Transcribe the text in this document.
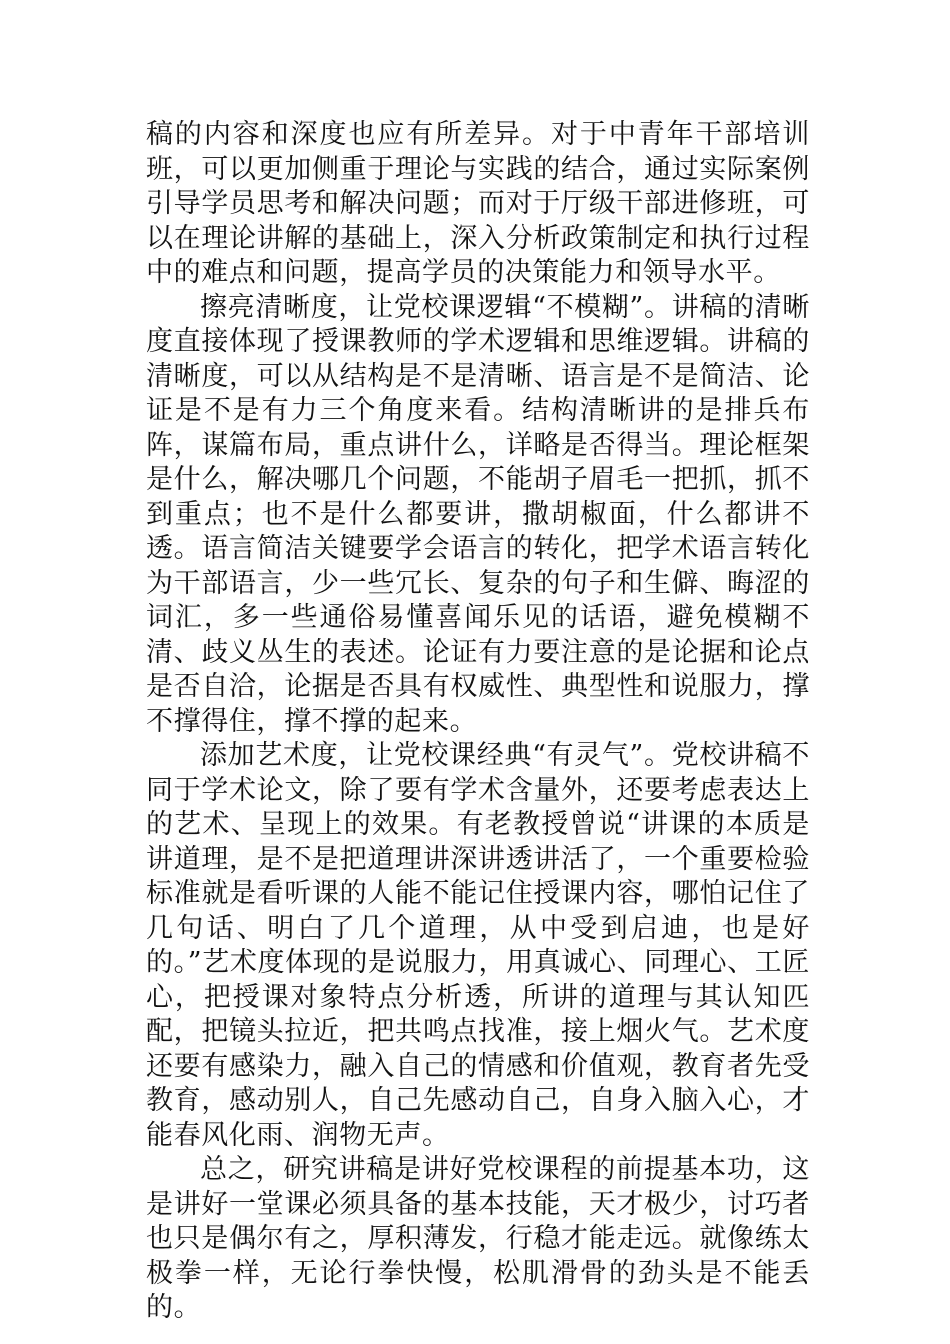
稿的内容和深度也应有所差异。对于中青年干部培训班，可以更加侧重于理论与实践的结合，通过实际案例引导学员思考和解决问题；而对于厅级干部进修班，可以在理论讲解的基础上，深入分析政策制定和执行过程中的难点和问题，提高学员的决策能力和领导水平。

擦亮清晰度，让党校课逻辑“不模糊”。讲稿的清晰度直接体现了授课教师的学术逻辑和思维逻辑。讲稿的清晰度，可以从结构是不是清晰、语言是不是简洁、论证是不是有力三个角度来看。结构清晰讲的是排兵布阵，谋篇布局，重点讲什么，详略是否得当。理论框架是什么，解决哪几个问题，不能胡子眉毛一把抓，抓不到重点；也不是什么都要讲，撒胡椒面，什么都讲不透。语言简洁关键要学会语言的转化，把学术语言转化为干部语言，少一些冗长、复杂的句子和生僻、晦涩的词汇，多一些通俗易懂喜闻乐见的话语，避免模糊不清、歧义丛生的表述。论证有力要注意的是论据和论点是否自洽，论据是否具有权威性、典型性和说服力，撑不撑得住，撑不撑的起来。

添加艺术度，让党校课经典“有灵气”。党校讲稿不同于学术论文，除了要有学术含量外，还要考虑表达上的艺术、呈现上的效果。有老教授曾说“讲课的本质是讲道理，是不是把道理讲深讲透讲活了，一个重要检验标准就是看听课的人能不能记住授课内容，哪怕记住了几句话、明白了几个道理，从中受到启迪，也是好的。”艺术度体现的是说服力，用真诚心、同理心、工匠心，把授课对象特点分析透，所讲的道理与其认知匹配，把镜头拉近，把共鸣点找准，接上烟火气。艺术度还要有感染力，融入自己的情感和价值观，教育者先受教育，感动别人，自己先感动自己，自身入脑入心，才能春风化雨、润物无声。

总之，研究讲稿是讲好党校课程的前提基本功，这是讲好一堂课必须具备的基本技能，天才极少，讨巧者也只是偶尔有之，厚积薄发，行稳才能走远。就像练太极拳一样，无论行拳快慢，松肌滑骨的劲头是不能丢的。
